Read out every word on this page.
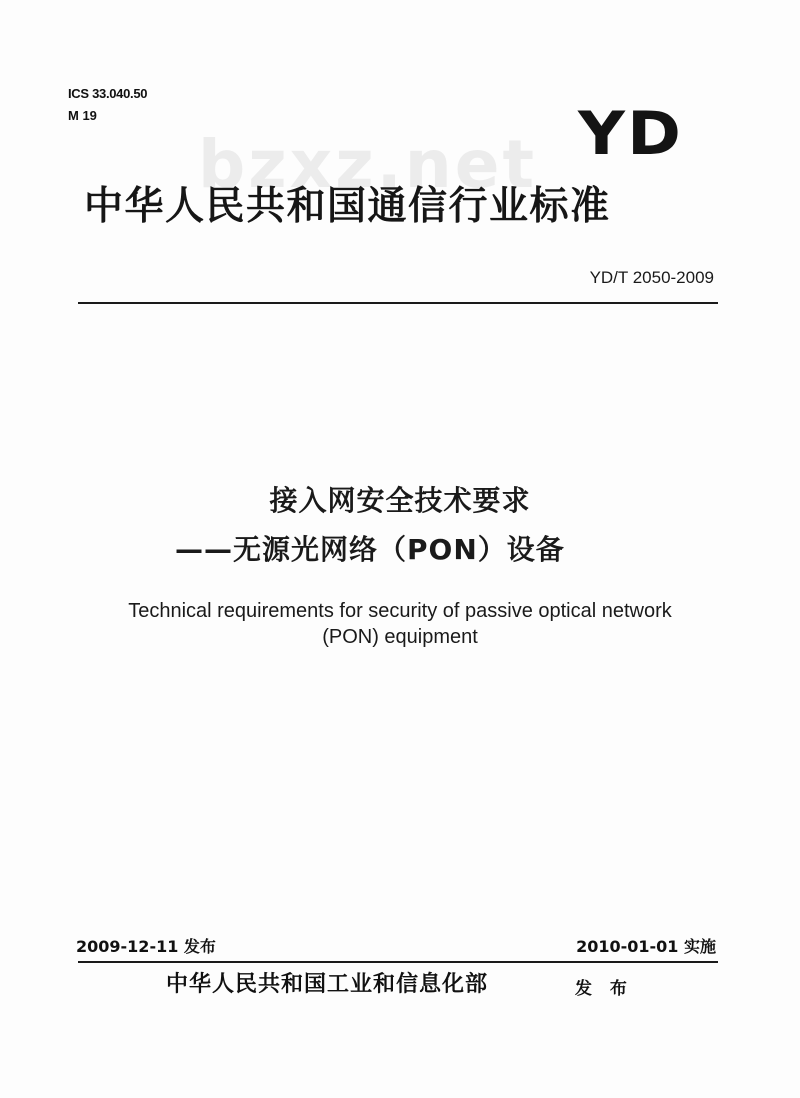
ICS 33.040.50

M 19

bzxz.net YD
中华人民共和国通信行业标准

YD/T 2050-2009

接入网安全技术要求
——无源光网络（PON）设备

Technical requirements for security of passive optical network

(PON) equipment

2009-12-11 发布	2010-01-01 实施

中华人民共和国工业和信息化部	发 布
